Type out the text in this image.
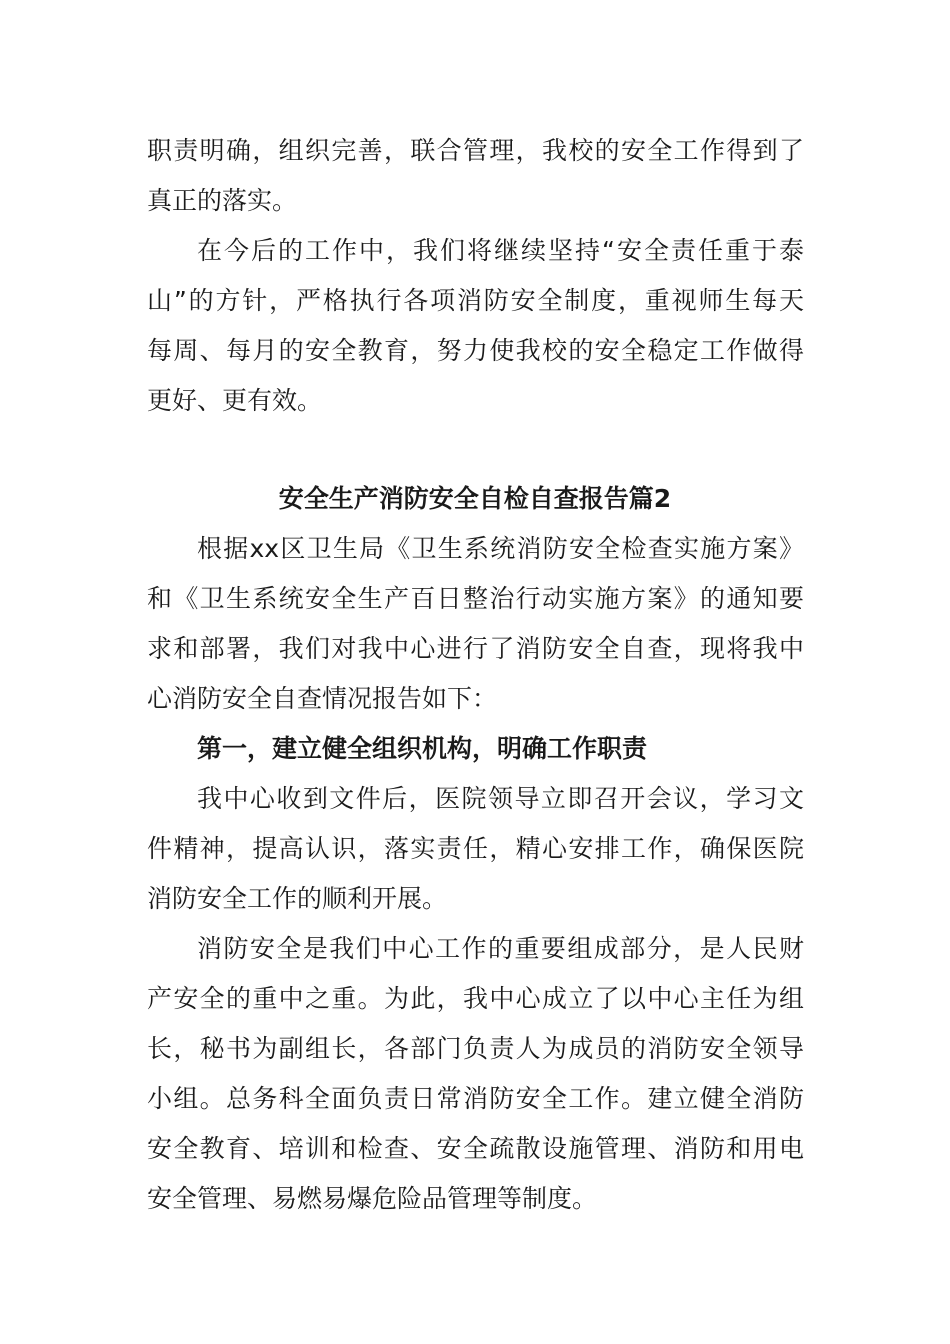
职责明确，组织完善，联合管理，我校的安全工作得到了
真正的落实。
在今后的工作中，我们将继续坚持“安全责任重于泰
山”的方针，严格执行各项消防安全制度，重视师生每天
每周、每月的安全教育，努力使我校的安全稳定工作做得
更好、更有效。
安全生产消防安全自检自查报告篇2
根据xx区卫生局《卫生系统消防安全检查实施方案》
和《卫生系统安全生产百日整治行动实施方案》的通知要
求和部署，我们对我中心进行了消防安全自查，现将我中
心消防安全自查情况报告如下：
第一，建立健全组织机构，明确工作职责
我中心收到文件后，医院领导立即召开会议，学习文
件精神，提高认识，落实责任，精心安排工作，确保医院
消防安全工作的顺利开展。
消防安全是我们中心工作的重要组成部分，是人民财
产安全的重中之重。为此，我中心成立了以中心主任为组
长，秘书为副组长，各部门负责人为成员的消防安全领导
小组。总务科全面负责日常消防安全工作。建立健全消防
安全教育、培训和检查、安全疏散设施管理、消防和用电
安全管理、易燃易爆危险品管理等制度。
